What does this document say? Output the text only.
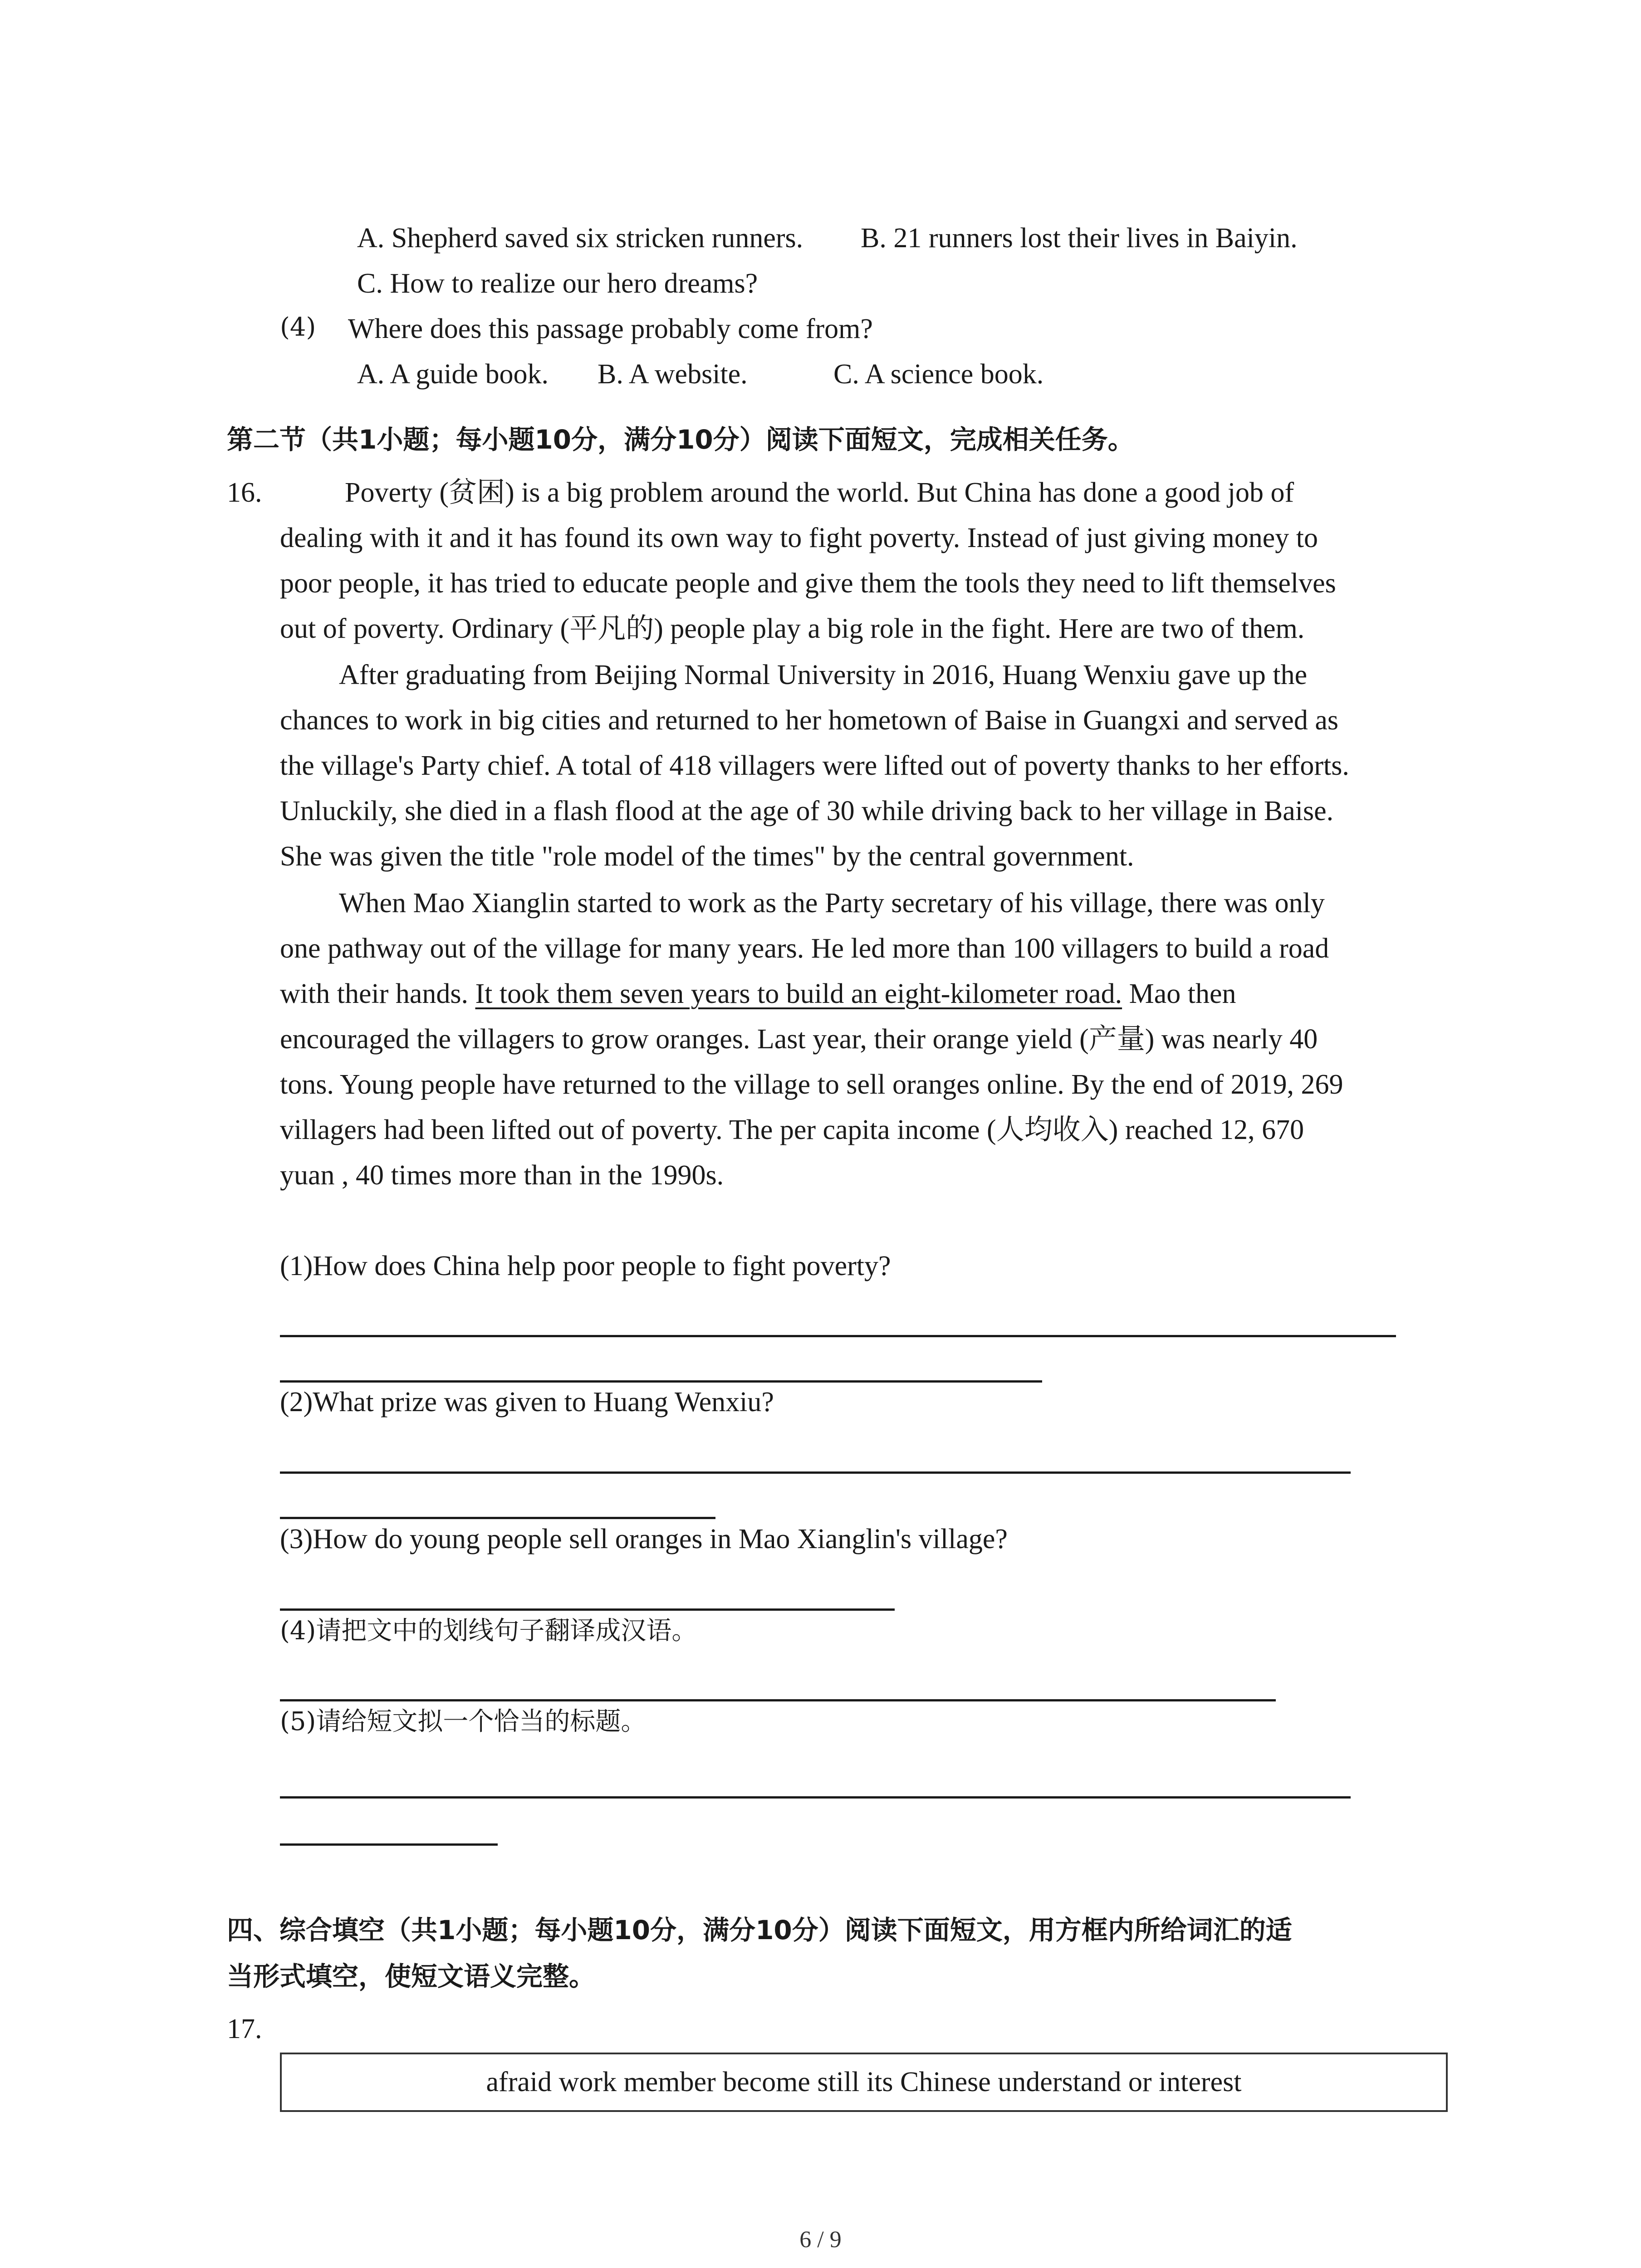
A. Shepherd saved six stricken runners. B. 21 runners lost their lives in Baiyin.
C. How to realize our hero dreams?
(4) Where does this passage probably come from?
A. A guide book. B. A website.	C. A science book.
第二节（共1小题；每小题10分，满分10分）阅读下面短文，完成相关任务。
16.	Poverty (贫困) is a big problem around the world. But China has done a good job of
dealing with it and it has found its own way to fight poverty. Instead of just giving money to
poor people, it has tried to educate people and give them the tools they need to lift themselves
out of poverty. Ordinary (平凡的) people play a big role in the fight. Here are two of them.
After graduating from Beijing Normal University in 2016, Huang Wenxiu gave up the
chances to work in big cities and returned to her hometown of Baise in Guangxi and served as
the village's Party chief. A total of 418 villagers were lifted out of poverty thanks to her efforts.
Unluckily, she died in a flash flood at the age of 30 while driving back to her village in Baise.
She was given the title "role model of the times" by the central government.
When Mao Xianglin started to work as the Party secretary of his village, there was only
one pathway out of the village for many years. He led more than 100 villagers to build a road
with their hands. It took them seven years to build an eight-kilometer road. Mao then
encouraged the villagers to grow oranges. Last year, their orange yield (产量) was nearly 40
tons. Young people have returned to the village to sell oranges online. By the end of 2019, 269
villagers had been lifted out of poverty. The per capita income (人均收入) reached 12, 670
yuan , 40 times more than in the 1990s.
(1)How does China help poor people to fight poverty?
(2)What prize was given to Huang Wenxiu?
(3)How do young people sell oranges in Mao Xianglin's village?
(4)请把文中的划线句子翻译成汉语。
(5)请给短文拟一个恰当的标题。
四、综合填空（共1小题；每小题10分，满分10分）阅读下面短文，用方框内所给词汇的适
当形式填空，使短文语义完整。
17.
afraid work member become still its Chinese understand or interest
6 / 9
